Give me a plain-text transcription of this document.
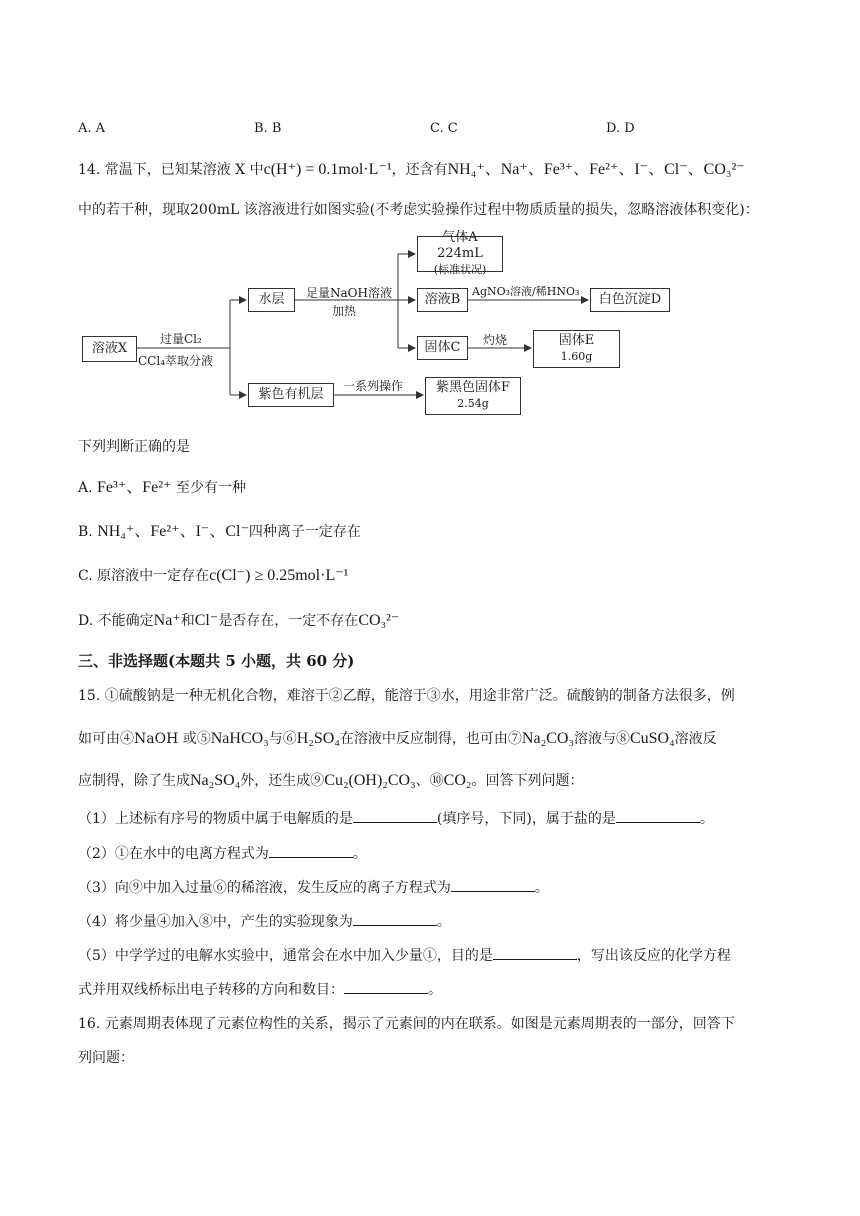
A. A	B. B	C. C	D. D
14. 常温下，已知某溶液 X 中c(H⁺) = 0.1mol·L⁻¹，还含有NH₄⁺、Na⁺、Fe³⁺、Fe²⁺、I⁻、Cl⁻、CO₃²⁻
中的若干种，现取200mL 该溶液进行如图实验(不考虑实验操作过程中物质质量的损失，忽略溶液体积变化)：
溶液X
过量Cl₂
CCl₄萃取分液
水层 足量NaOH溶液
加热
气体A 224mL
(标准状况)
溶液B
AgNO₃溶液/稀HNO₃
白色沉淀D
固体C 灼烧	固体E
1.60g
紫色有机层
一系列操作	紫黑色固体F
2.54g
下列判断正确的是
A. Fe³⁺、Fe²⁺ 至少有一种
B. NH₄⁺、Fe²⁺、I⁻、Cl⁻四种离子一定存在
C. 原溶液中一定存在c(Cl⁻) ≥ 0.25mol·L⁻¹
D. 不能确定Na⁺和Cl⁻是否存在，一定不存在CO₃²⁻
三、非选择题(本题共 5 小题，共 60 分)
15. ①硫酸钠是一种无机化合物，难溶于②乙醇，能溶于③水，用途非常广泛。硫酸钠的制备方法很多，例
如可由④NaOH 或⑤NaHCO₃与⑥H₂SO₄在溶液中反应制得，也可由⑦Na₂CO₃溶液与⑧CuSO₄溶液反
应制得，除了生成Na₂SO₄外，还生成⑨Cu₂(OH)₂CO₃、⑩CO₂。回答下列问题：
（1）上述标有序号的物质中属于电解质的是	(填序号，下同)，属于盐的是	。
（2）①在水中的电离方程式为	。
（3）向⑨中加入过量⑥的稀溶液，发生反应的离子方程式为	。
（4）将少量④加入⑧中，产生的实验现象为	。
（5）中学学过的电解水实验中，通常会在水中加入少量①，目的是	，写出该反应的化学方程
式并用双线桥标出电子转移的方向和数目：	。
16. 元素周期表体现了元素位构性的关系，揭示了元素间的内在联系。如图是元素周期表的一部分，回答下
列问题：
